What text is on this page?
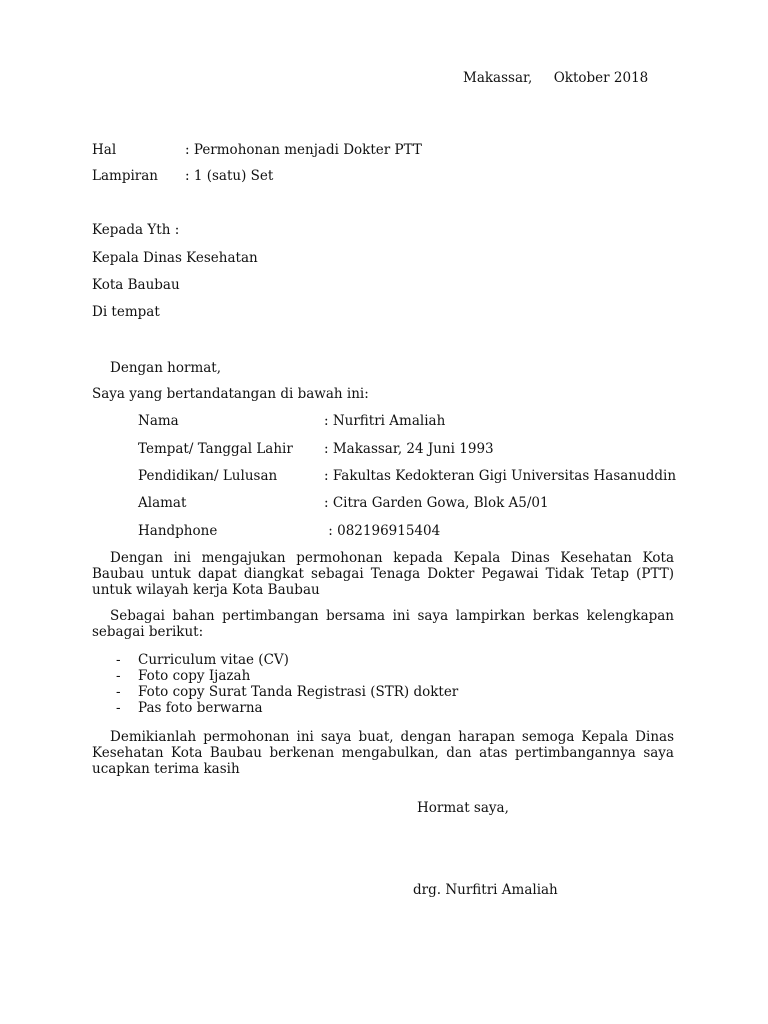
Makassar,     Oktober 2018
Hal	: Permohonan menjadi Dokter PTT
Lampiran : 1 (satu) Set
Kepada Yth :
Kepala Dinas Kesehatan
Kota Baubau
Di tempat
Dengan hormat,
Saya yang bertandatangan di bawah ini:
Nama	: Nurfitri Amaliah
Tempat/ Tanggal Lahir : Makassar, 24 Juni 1993
Pendidikan/ Lulusan	: Fakultas Kedokteran Gigi Universitas Hasanuddin
Alamat	: Citra Garden Gowa, Blok A5/01
Handphone	: 082196915404
Dengan ini mengajukan permohonan kepada Kepala Dinas Kesehatan Kota Baubau untuk dapat diangkat sebagai Tenaga Dokter Pegawai Tidak Tetap (PTT) untuk wilayah kerja Kota Baubau
Sebagai bahan pertimbangan bersama ini saya lampirkan berkas kelengkapan sebagai berikut:
- Curriculum vitae (CV)
- Foto copy Ijazah
- Foto copy Surat Tanda Registrasi (STR) dokter
- Pas foto berwarna
Demikianlah permohonan ini saya buat, dengan harapan semoga Kepala Dinas Kesehatan Kota Baubau berkenan mengabulkan, dan atas pertimbangannya saya ucapkan terima kasih
Hormat saya,
drg. Nurfitri Amaliah
